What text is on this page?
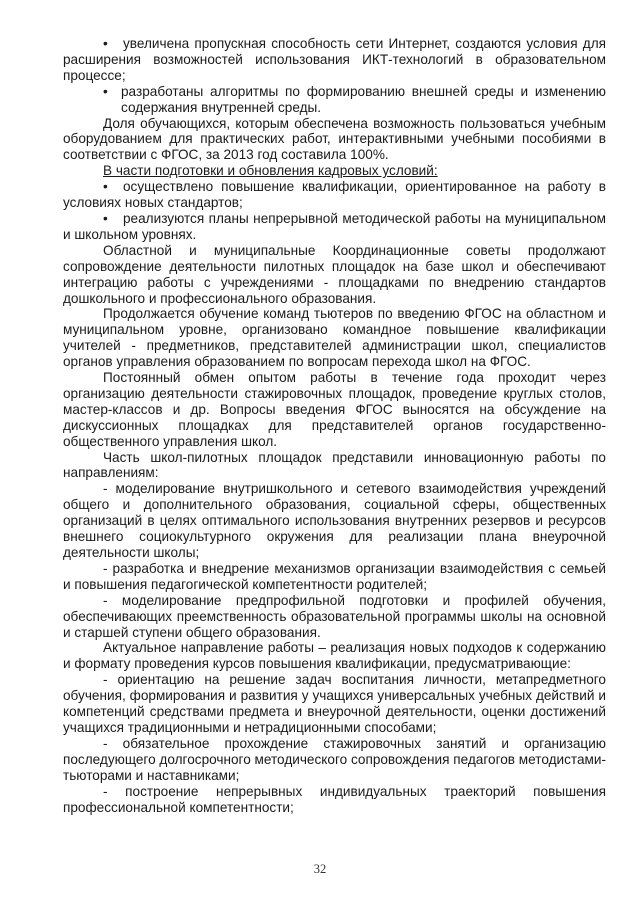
• увеличена пропускная способность сети Интернет, создаются условия для расширения возможностей использования ИКТ-технологий в образовательном процессе;

• разработаны алгоритмы по формированию внешней среды и изменению содержания внутренней среды.

Доля обучающихся, которым обеспечена возможность пользоваться учебным оборудованием для практических работ, интерактивными учебными пособиями в соответствии с ФГОС, за 2013 год составила 100%.

В части подготовки и обновления кадровых условий:

• осуществлено повышение квалификации, ориентированное на работу в условиях новых стандартов;

• реализуются планы непрерывной методической работы на муниципальном и школьном уровнях.

Областной и муниципальные Координационные советы продолжают сопровождение деятельности пилотных площадок на базе школ и обеспечивают интеграцию работы с учреждениями - площадками по внедрению стандартов дошкольного и профессионального образования.

Продолжается обучение команд тьютеров по введению ФГОС на областном и муниципальном уровне, организовано командное повышение квалификации учителей - предметников, представителей администрации школ, специалистов органов управления образованием по вопросам перехода школ на ФГОС.

Постоянный обмен опытом работы в течение года проходит через организацию деятельности стажировочных площадок, проведение круглых столов, мастер-классов и др. Вопросы введения ФГОС выносятся на обсуждение на дискуссионных площадках для представителей органов государственно-общественного управления школ.

Часть школ-пилотных площадок представили инновационную работы по направлениям:

- моделирование внутришкольного и сетевого взаимодействия учреждений общего и дополнительного образования, социальной сферы, общественных организаций в целях оптимального использования внутренних резервов и ресурсов внешнего социокультурного окружения для реализации плана внеурочной деятельности школы;

- разработка и внедрение механизмов организации взаимодействия с семьей и повышения педагогической компетентности родителей;

- моделирование предпрофильной подготовки и профилей обучения, обеспечивающих преемственность образовательной программы школы на основной и старшей ступени общего образования.

Актуальное направление работы – реализация новых подходов к содержанию и формату проведения курсов повышения квалификации, предусматривающие:

- ориентацию на решение задач воспитания личности, метапредметного обучения, формирования и развития у учащихся универсальных учебных действий и компетенций средствами предмета и внеурочной деятельности, оценки достижений учащихся традиционными и нетрадиционными способами;

- обязательное прохождение стажировочных занятий и организацию последующего долгосрочного методического сопровождения педагогов методистами-тьюторами и наставниками;

- построение непрерывных индивидуальных траекторий повышения профессиональной компетентности;

32
